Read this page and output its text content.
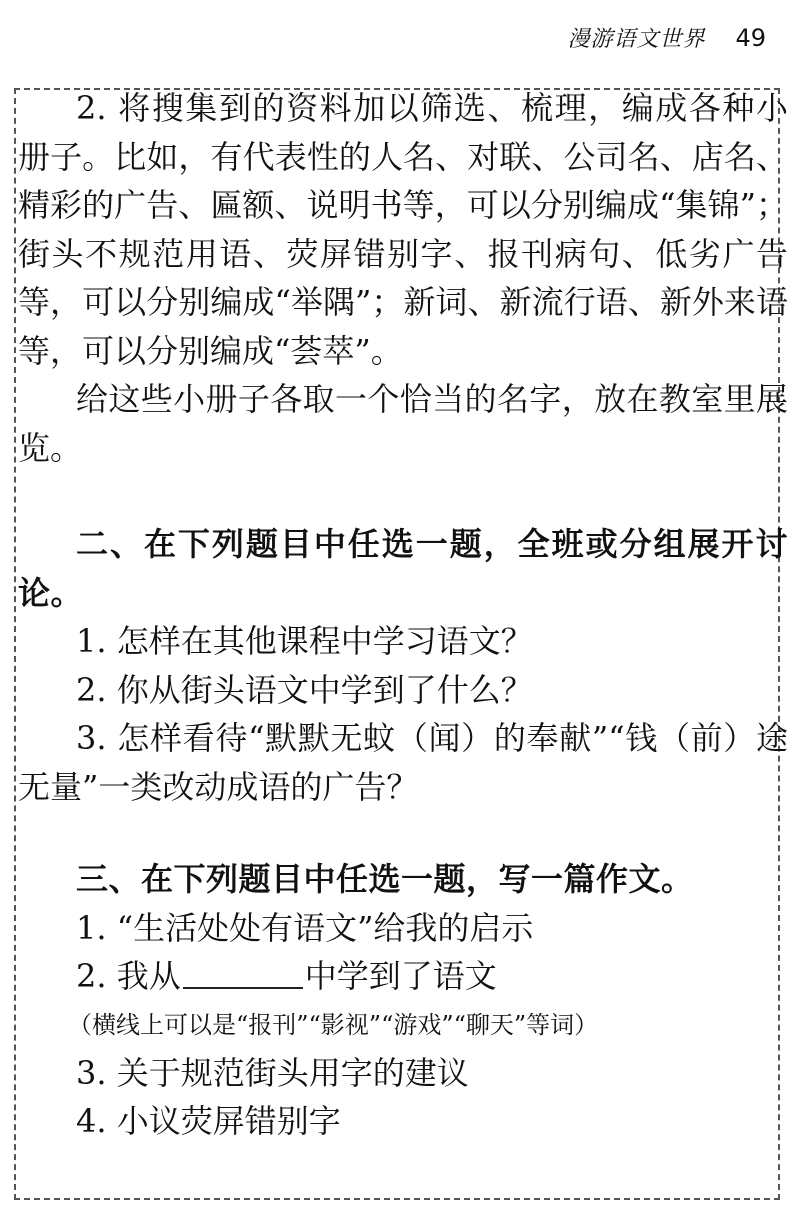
漫游语文世界 49

2. 将搜集到的资料加以筛选、梳理，编成各种小册子。比如，有代表性的人名、对联、公司名、店名、精彩的广告、匾额、说明书等，可以分别编成“集锦”；街头不规范用语、荧屏错别字、报刊病句、低劣广告等，可以分别编成“举隅”；新词、新流行语、新外来语等，可以分别编成“荟萃”。

给这些小册子各取一个恰当的名字，放在教室里展览。

二、在下列题目中任选一题，全班或分组展开讨论。

1. 怎样在其他课程中学习语文？

2. 你从街头语文中学到了什么？

3. 怎样看待“默默无蚊（闻）的奉献”“钱（前）途无量”一类改动成语的广告？

三、在下列题目中任选一题，写一篇作文。

1. “生活处处有语文”给我的启示

2. 我从	中学到了语文

（横线上可以是“报刊”“影视”“游戏”“聊天”等词）

3. 关于规范街头用字的建议

4. 小议荧屏错别字
